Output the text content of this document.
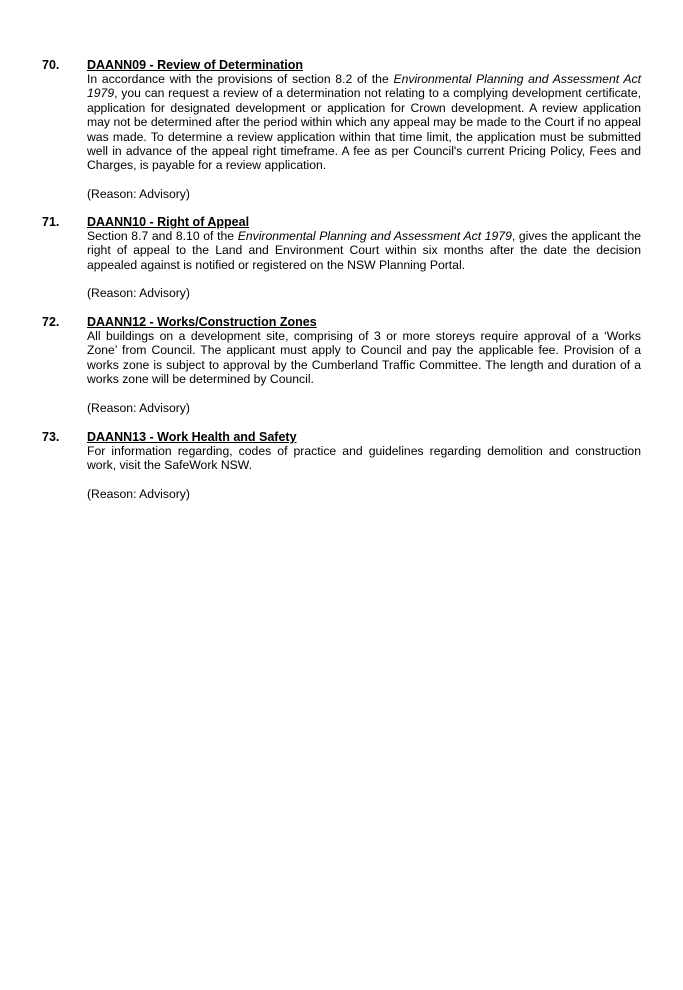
70. DAANN09 - Review of Determination

In accordance with the provisions of section 8.2 of the Environmental Planning and Assessment Act 1979, you can request a review of a determination not relating to a complying development certificate, application for designated development or application for Crown development. A review application may not be determined after the period within which any appeal may be made to the Court if no appeal was made. To determine a review application within that time limit, the application must be submitted well in advance of the appeal right timeframe. A fee as per Council's current Pricing Policy, Fees and Charges, is payable for a review application.

(Reason: Advisory)

71. DAANN10 - Right of Appeal

Section 8.7 and 8.10 of the Environmental Planning and Assessment Act 1979, gives the applicant the right of appeal to the Land and Environment Court within six months after the date the decision appealed against is notified or registered on the NSW Planning Portal.

(Reason: Advisory)

72. DAANN12 - Works/Construction Zones

All buildings on a development site, comprising of 3 or more storeys require approval of a ‘Works Zone’ from Council. The applicant must apply to Council and pay the applicable fee. Provision of a works zone is subject to approval by the Cumberland Traffic Committee. The length and duration of a works zone will be determined by Council.

(Reason: Advisory)

73. DAANN13 - Work Health and Safety

For information regarding, codes of practice and guidelines regarding demolition and construction work, visit the SafeWork NSW.

(Reason: Advisory)
